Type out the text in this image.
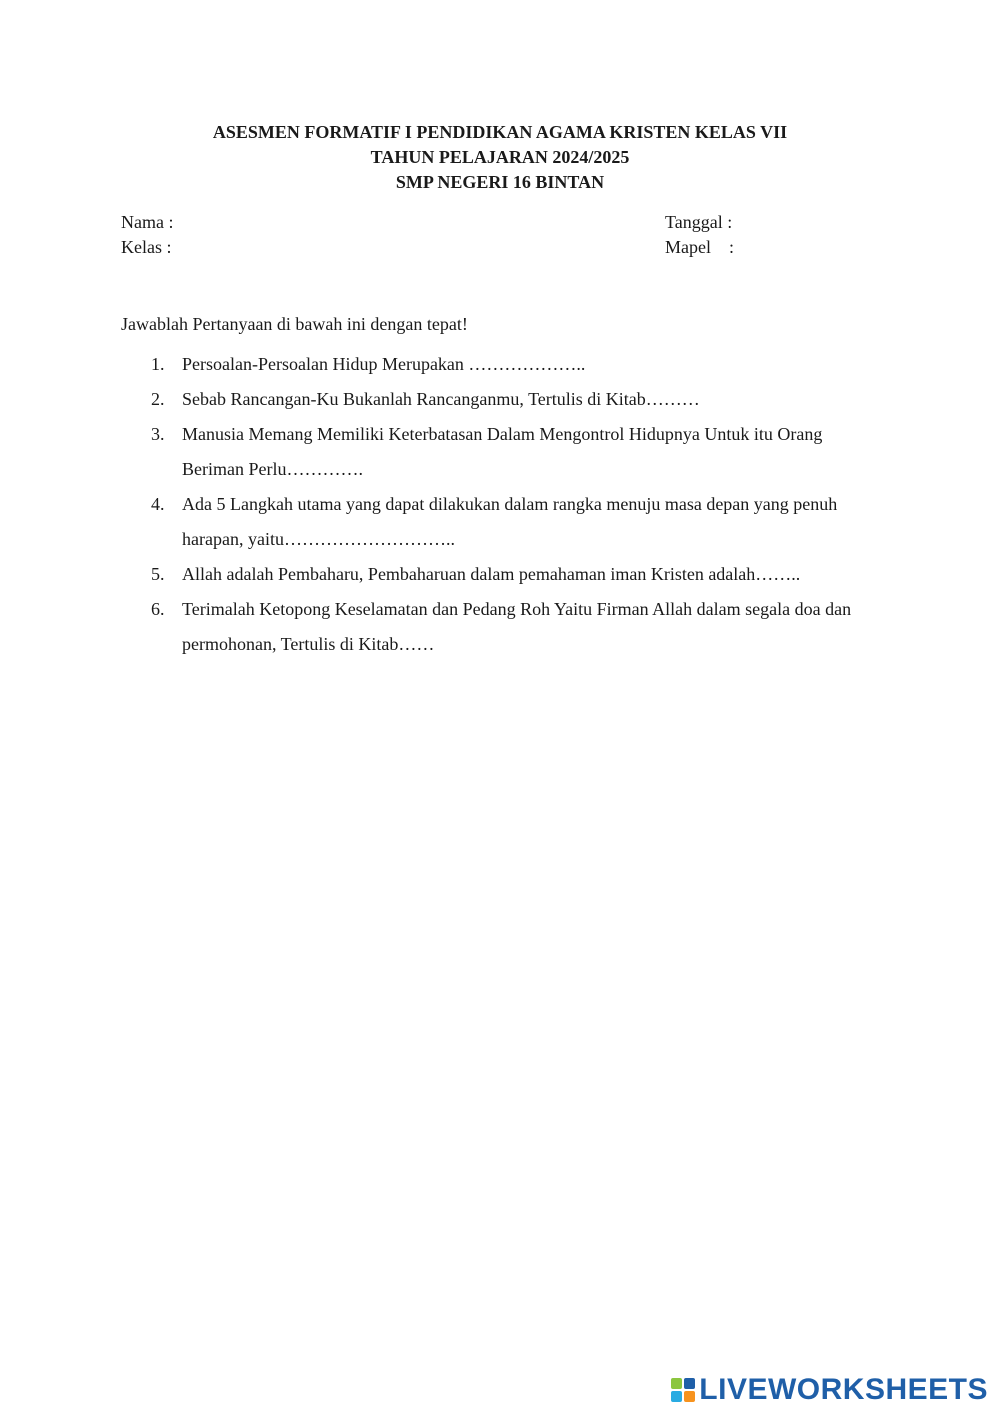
ASESMEN FORMATIF I PENDIDIKAN AGAMA KRISTEN KELAS VII
TAHUN PELAJARAN 2024/2025
SMP NEGERI 16 BINTAN
Nama :
Kelas :
Tanggal :
Mapel    :
Jawablah Pertanyaan di bawah ini dengan tepat!
1. Persoalan-Persoalan Hidup Merupakan ………………..
2. Sebab Rancangan-Ku Bukanlah Rancanganmu, Tertulis di Kitab………
3. Manusia Memang Memiliki Keterbatasan Dalam Mengontrol Hidupnya Untuk itu Orang Beriman Perlu………….
4. Ada 5 Langkah utama yang dapat dilakukan dalam rangka menuju masa depan yang penuh harapan, yaitu………………………..
5. Allah adalah Pembaharu, Pembaharuan dalam pemahaman iman Kristen adalah……..
6. Terimalah Ketopong Keselamatan dan Pedang Roh Yaitu Firman Allah dalam segala doa dan permohonan, Tertulis di Kitab……
LIVEWORKSHEETS
